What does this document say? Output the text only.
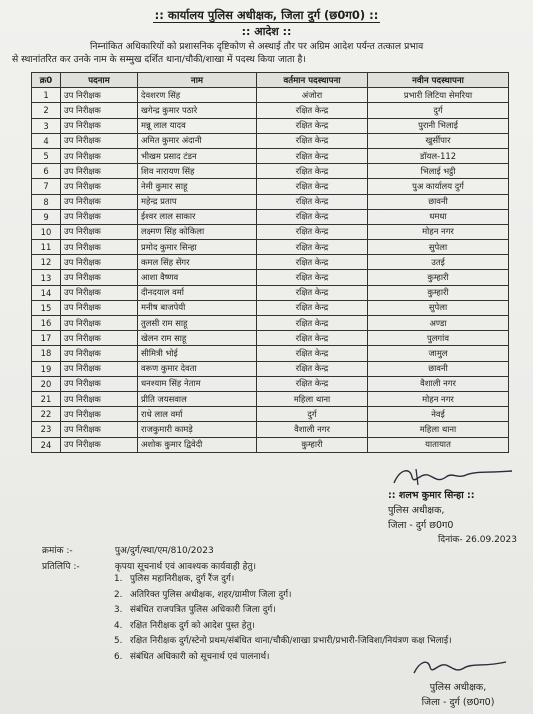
:: कार्यालय पुलिस अधीक्षक, जिला दुर्ग (छ0ग0) ::
:: आदेश ::
निम्नांकित अधिकारियों को प्रशासनिक दृष्टिकोण से अस्थाई तौर पर अग्रिम आदेश पर्यन्त तत्काल प्रभाव
से स्थानांतरित कर उनके नाम के सम्मुख दर्शित थाना/चौकी/शाखा में पदस्थ किया जाता है।
क्र0	पदनाम	नाम	वर्तमान पदस्थापना	नवीन पदस्थापना
1	उप निरीक्षक	देवशरण सिंह	अंजोरा	प्रभारी लिटिया सेमरिया
2	उप निरीक्षक	खगेन्द्र कुमार पठारे	रक्षित केन्द्र	दुर्ग
3	उप निरीक्षक	मन्नू लाल यादव	रक्षित केन्द्र	पुरानी भिलाई
4	उप निरीक्षक	अमित कुमार अंदानी	रक्षित केन्द्र	खुर्सीपार
5	उप निरीक्षक	भीखम प्रसाद टंडन	रक्षित केन्द्र	डॉयल-112
6	उप निरीक्षक	शिव नारायण सिंह	रक्षित केन्द्र	भिलाई भट्ठी
7	उप निरीक्षक	नेमी कुमार साहू	रक्षित केन्द्र	पुअ कार्यालय दुर्ग
8	उप निरीक्षक	महेन्द्र प्रताप	रक्षित केन्द्र	छावनी
9	उप निरीक्षक	ईश्वर लाल साकार	रक्षित केन्द्र	धमधा
10	उप निरीक्षक	लक्ष्मण सिंह कोकिला	रक्षित केन्द्र	मोहन नगर
11	उप निरीक्षक	प्रमोद कुमार सिन्हा	रक्षित केन्द्र	सुपेला
12	उप निरीक्षक	कमल सिंह सेंगर	रक्षित केन्द्र	उतई
13	उप निरीक्षक	आशा वैष्णव	रक्षित केन्द्र	कुम्हारी
14	उप निरीक्षक	दीनदयाल वर्मा	रक्षित केन्द्र	कुम्हारी
15	उप निरीक्षक	मनीष बाजपेयी	रक्षित केन्द्र	सुपेला
16	उप निरीक्षक	तुलसी राम साहू	रक्षित केन्द्र	अण्डा
17	उप निरीक्षक	खेलन राम साहू	रक्षित केन्द्र	पुलगांव
18	उप निरीक्षक	सीमित्री भोई	रक्षित केन्द्र	जामुल
19	उप निरीक्षक	वरूण कुमार देवता	रक्षित केन्द्र	छावनी
20	उप निरीक्षक	धनश्याम सिंह नेताम	रक्षित केन्द्र	वैशाली नगर
21	उप निरीक्षक	प्रीति जयसवाल	महिला थाना	मोहन नगर
22	उप निरीक्षक	राधे लाल वर्मा	दुर्ग	नेवई
23	उप निरीक्षक	राजकुमारी कामड़े	वैशाली नगर	महिला थाना
24	उप निरीक्षक	अशोक कुमार द्विवेदी	कुम्हारी	यातायात
:: शलभ कुमार सिन्हा ::
पुलिस अधीक्षक,
जिला - दुर्ग छ0ग0
दिनांक- 26.09.2023
क्रमांक :-	पुअ/दुर्ग/स्था/एम/810/2023
प्रतिलिपि :-	कृपया सूचनार्थ एवं आवश्यक कार्यवाही हेतु।
1. पुलिस महानिरीक्षक, दुर्ग रैंज दुर्ग।
2. अतिरिक्त पुलिस अधीक्षक, शहर/ग्रामीण जिला दुर्ग।
3. संबंधित राजपत्रित पुलिस अधिकारी जिला दुर्ग।
4. रक्षित निरीक्षक दुर्ग को आदेश पुस्त हेतु।
5. रक्षित निरीक्षक दुर्ग/स्टेनो प्रथम/संबंधित थाना/चौकी/शाखा प्रभारी/प्रभारी-जिविशा/नियंत्रण कक्ष भिलाई।
6. संबंधित अधिकारी को सूचनार्थ एवं पालनार्थ।
पुलिस अधीक्षक,
जिला - दुर्ग (छ0ग0)
